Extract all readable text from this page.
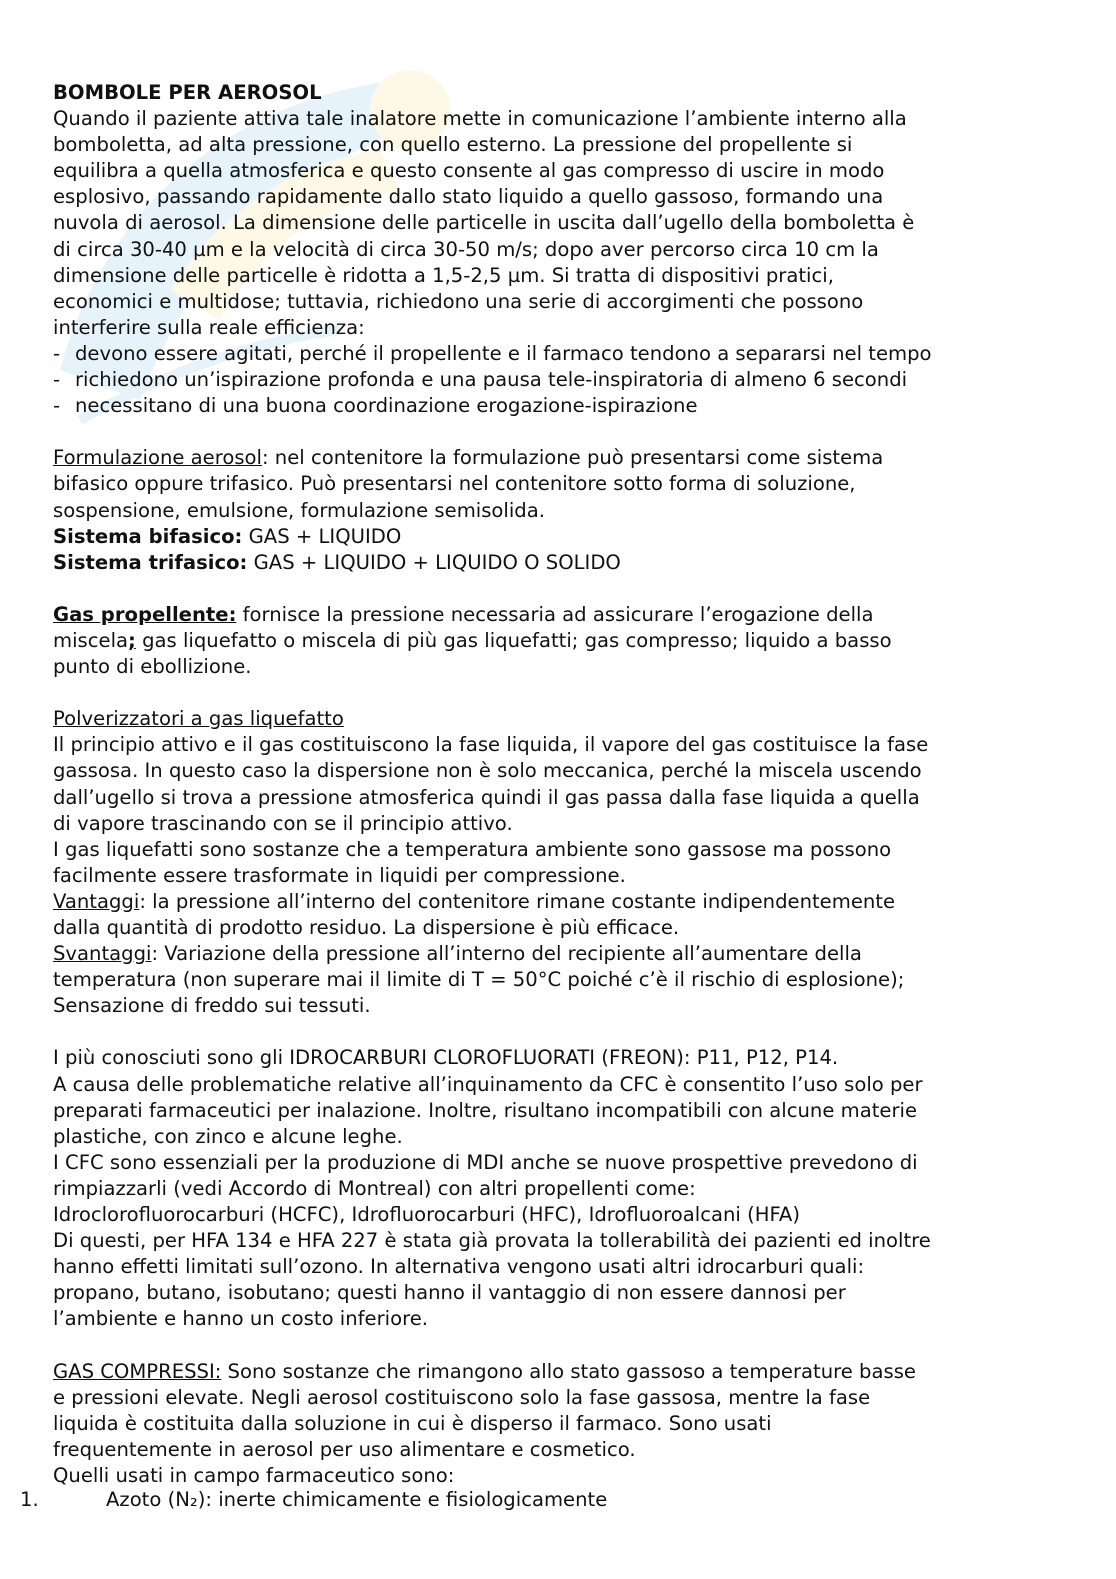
BOMBOLE PER AEROSOL
Quando il paziente attiva tale inalatore mette in comunicazione l’ambiente interno alla
bomboletta, ad alta pressione, con quello esterno. La pressione del propellente si
equilibra a quella atmosferica e questo consente al gas compresso di uscire in modo
esplosivo, passando rapidamente dallo stato liquido a quello gassoso, formando una
nuvola di aerosol. La dimensione delle particelle in uscita dall’ugello della bomboletta è
di circa 30-40 µm e la velocità di circa 30-50 m/s; dopo aver percorso circa 10 cm la
dimensione delle particelle è ridotta a 1,5-2,5 µm. Si tratta di dispositivi pratici,
economici e multidose; tuttavia, richiedono una serie di accorgimenti che possono
interferire sulla reale efficienza:
- devono essere agitati, perché il propellente e il farmaco tendono a separarsi nel tempo
- richiedono un’ispirazione profonda e una pausa tele-inspiratoria di almeno 6 secondi
- necessitano di una buona coordinazione erogazione-ispirazione
Formulazione aerosol: nel contenitore la formulazione può presentarsi come sistema
bifasico oppure trifasico. Può presentarsi nel contenitore sotto forma di soluzione,
sospensione, emulsione, formulazione semisolida.
Sistema bifasico: GAS + LIQUIDO
Sistema trifasico: GAS + LIQUIDO + LIQUIDO O SOLIDO
Gas propellente: fornisce la pressione necessaria ad assicurare l’erogazione della
miscela; gas liquefatto o miscela di più gas liquefatti; gas compresso; liquido a basso
punto di ebollizione.
Polverizzatori a gas liquefatto
Il principio attivo e il gas costituiscono la fase liquida, il vapore del gas costituisce la fase
gassosa. In questo caso la dispersione non è solo meccanica, perché la miscela uscendo
dall’ugello si trova a pressione atmosferica quindi il gas passa dalla fase liquida a quella
di vapore trascinando con se il principio attivo.
I gas liquefatti sono sostanze che a temperatura ambiente sono gassose ma possono
facilmente essere trasformate in liquidi per compressione.
Vantaggi: la pressione all’interno del contenitore rimane costante indipendentemente
dalla quantità di prodotto residuo. La dispersione è più efficace.
Svantaggi: Variazione della pressione all’interno del recipiente all’aumentare della
temperatura (non superare mai il limite di T = 50°C poiché c’è il rischio di esplosione);
Sensazione di freddo sui tessuti.
I più conosciuti sono gli IDROCARBURI CLOROFLUORATI (FREON): P11, P12, P14.
A causa delle problematiche relative all’inquinamento da CFC è consentito l’uso solo per
preparati farmaceutici per inalazione. Inoltre, risultano incompatibili con alcune materie
plastiche, con zinco e alcune leghe.
I CFC sono essenziali per la produzione di MDI anche se nuove prospettive prevedono di
rimpiazzarli (vedi Accordo di Montreal) con altri propellenti come:
Idroclorofluorocarburi (HCFC), Idrofluorocarburi (HFC), Idrofluoroalcani (HFA)
Di questi, per HFA 134 e HFA 227 è stata già provata la tollerabilità dei pazienti ed inoltre
hanno effetti limitati sull’ozono. In alternativa vengono usati altri idrocarburi quali:
propano, butano, isobutano; questi hanno il vantaggio di non essere dannosi per
l’ambiente e hanno un costo inferiore.
GAS COMPRESSI: Sono sostanze che rimangono allo stato gassoso a temperature basse
e pressioni elevate. Negli aerosol costituiscono solo la fase gassosa, mentre la fase
liquida è costituita dalla soluzione in cui è disperso il farmaco. Sono usati
frequentemente in aerosol per uso alimentare e cosmetico.
Quelli usati in campo farmaceutico sono:
1.	Azoto (N₂): inerte chimicamente e fisiologicamente
